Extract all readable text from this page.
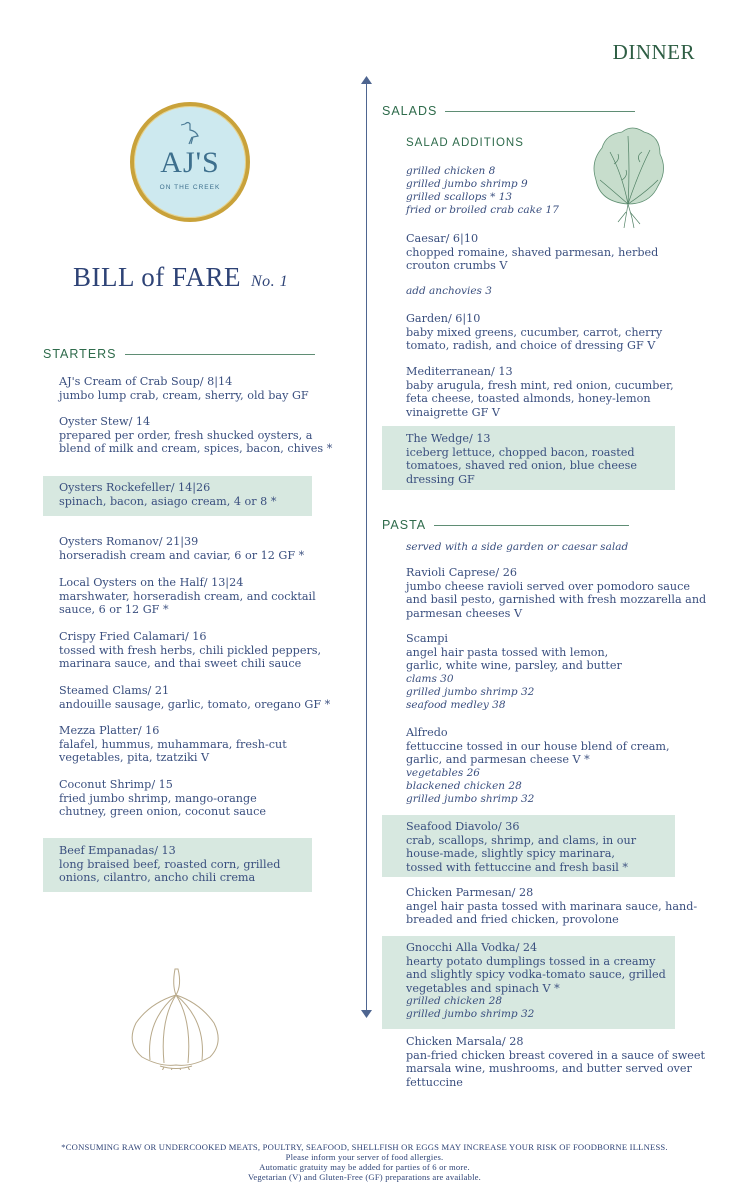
DINNER
AJ'S
ON THE CREEK
BILL of FARE No. 1
STARTERS
AJ's Cream of Crab Soup/ 8|14
jumbo lump crab, cream, sherry, old bay GF
Oyster Stew/ 14
prepared per order, fresh shucked oysters, a blend of milk and cream, spices, bacon, chives *
Oysters Rockefeller/ 14|26
spinach, bacon, asiago cream, 4 or 8 *
Oysters Romanov/ 21|39
horseradish cream and caviar, 6 or 12 GF *
Local Oysters on the Half/ 13|24
marshwater, horseradish cream, and cocktail sauce, 6 or 12 GF *
Crispy Fried Calamari/ 16
tossed with fresh herbs, chili pickled peppers, marinara sauce, and thai sweet chili sauce
Steamed Clams/ 21
andouille sausage, garlic, tomato, oregano GF *
Mezza Platter/ 16
falafel, hummus, muhammara, fresh-cut vegetables, pita, tzatziki V
Coconut Shrimp/ 15
fried jumbo shrimp, mango-orange chutney, green onion, coconut sauce
Beef Empanadas/ 13
long braised beef, roasted corn, grilled onions, cilantro, ancho chili crema
SALADS
SALAD ADDITIONS
grilled chicken 8
grilled jumbo shrimp 9
grilled scallops * 13
fried or broiled crab cake 17
Caesar/ 6|10
chopped romaine, shaved parmesan, herbed crouton crumbs V
add anchovies 3
Garden/ 6|10
baby mixed greens, cucumber, carrot, cherry tomato, radish, and choice of dressing GF V
Mediterranean/ 13
baby arugula, fresh mint, red onion, cucumber, feta cheese, toasted almonds, honey-lemon vinaigrette GF V
The Wedge/ 13
iceberg lettuce, chopped bacon, roasted tomatoes, shaved red onion, blue cheese dressing GF
PASTA
served with a side garden or caesar salad
Ravioli Caprese/ 26
jumbo cheese ravioli served over pomodoro sauce and basil pesto, garnished with fresh mozzarella and parmesan cheeses V
Scampi
angel hair pasta tossed with lemon, garlic, white wine, parsley, and butter
clams 30
grilled jumbo shrimp 32
seafood medley 38
Alfredo
fettuccine tossed in our house blend of cream, garlic, and parmesan cheese V *
vegetables 26
blackened chicken 28
grilled jumbo shrimp 32
Seafood Diavolo/ 36
crab, scallops, shrimp, and clams, in our house-made, slightly spicy marinara, tossed with fettuccine and fresh basil *
Chicken Parmesan/ 28
angel hair pasta tossed with marinara sauce, hand-breaded and fried chicken, provolone
Gnocchi Alla Vodka/ 24
hearty potato dumplings tossed in a creamy and slightly spicy vodka-tomato sauce, grilled vegetables and spinach V *
grilled chicken 28
grilled jumbo shrimp 32
Chicken Marsala/ 28
pan-fried chicken breast covered in a sauce of sweet marsala wine, mushrooms, and butter served over fettuccine
*CONSUMING RAW OR UNDERCOOKED MEATS, POULTRY, SEAFOOD, SHELLFISH OR EGGS MAY INCREASE YOUR RISK OF FOODBORNE ILLNESS.
Please inform your server of food allergies.
Automatic gratuity may be added for parties of 6 or more.
Vegetarian (V) and Gluten-Free (GF) preparations are available.
